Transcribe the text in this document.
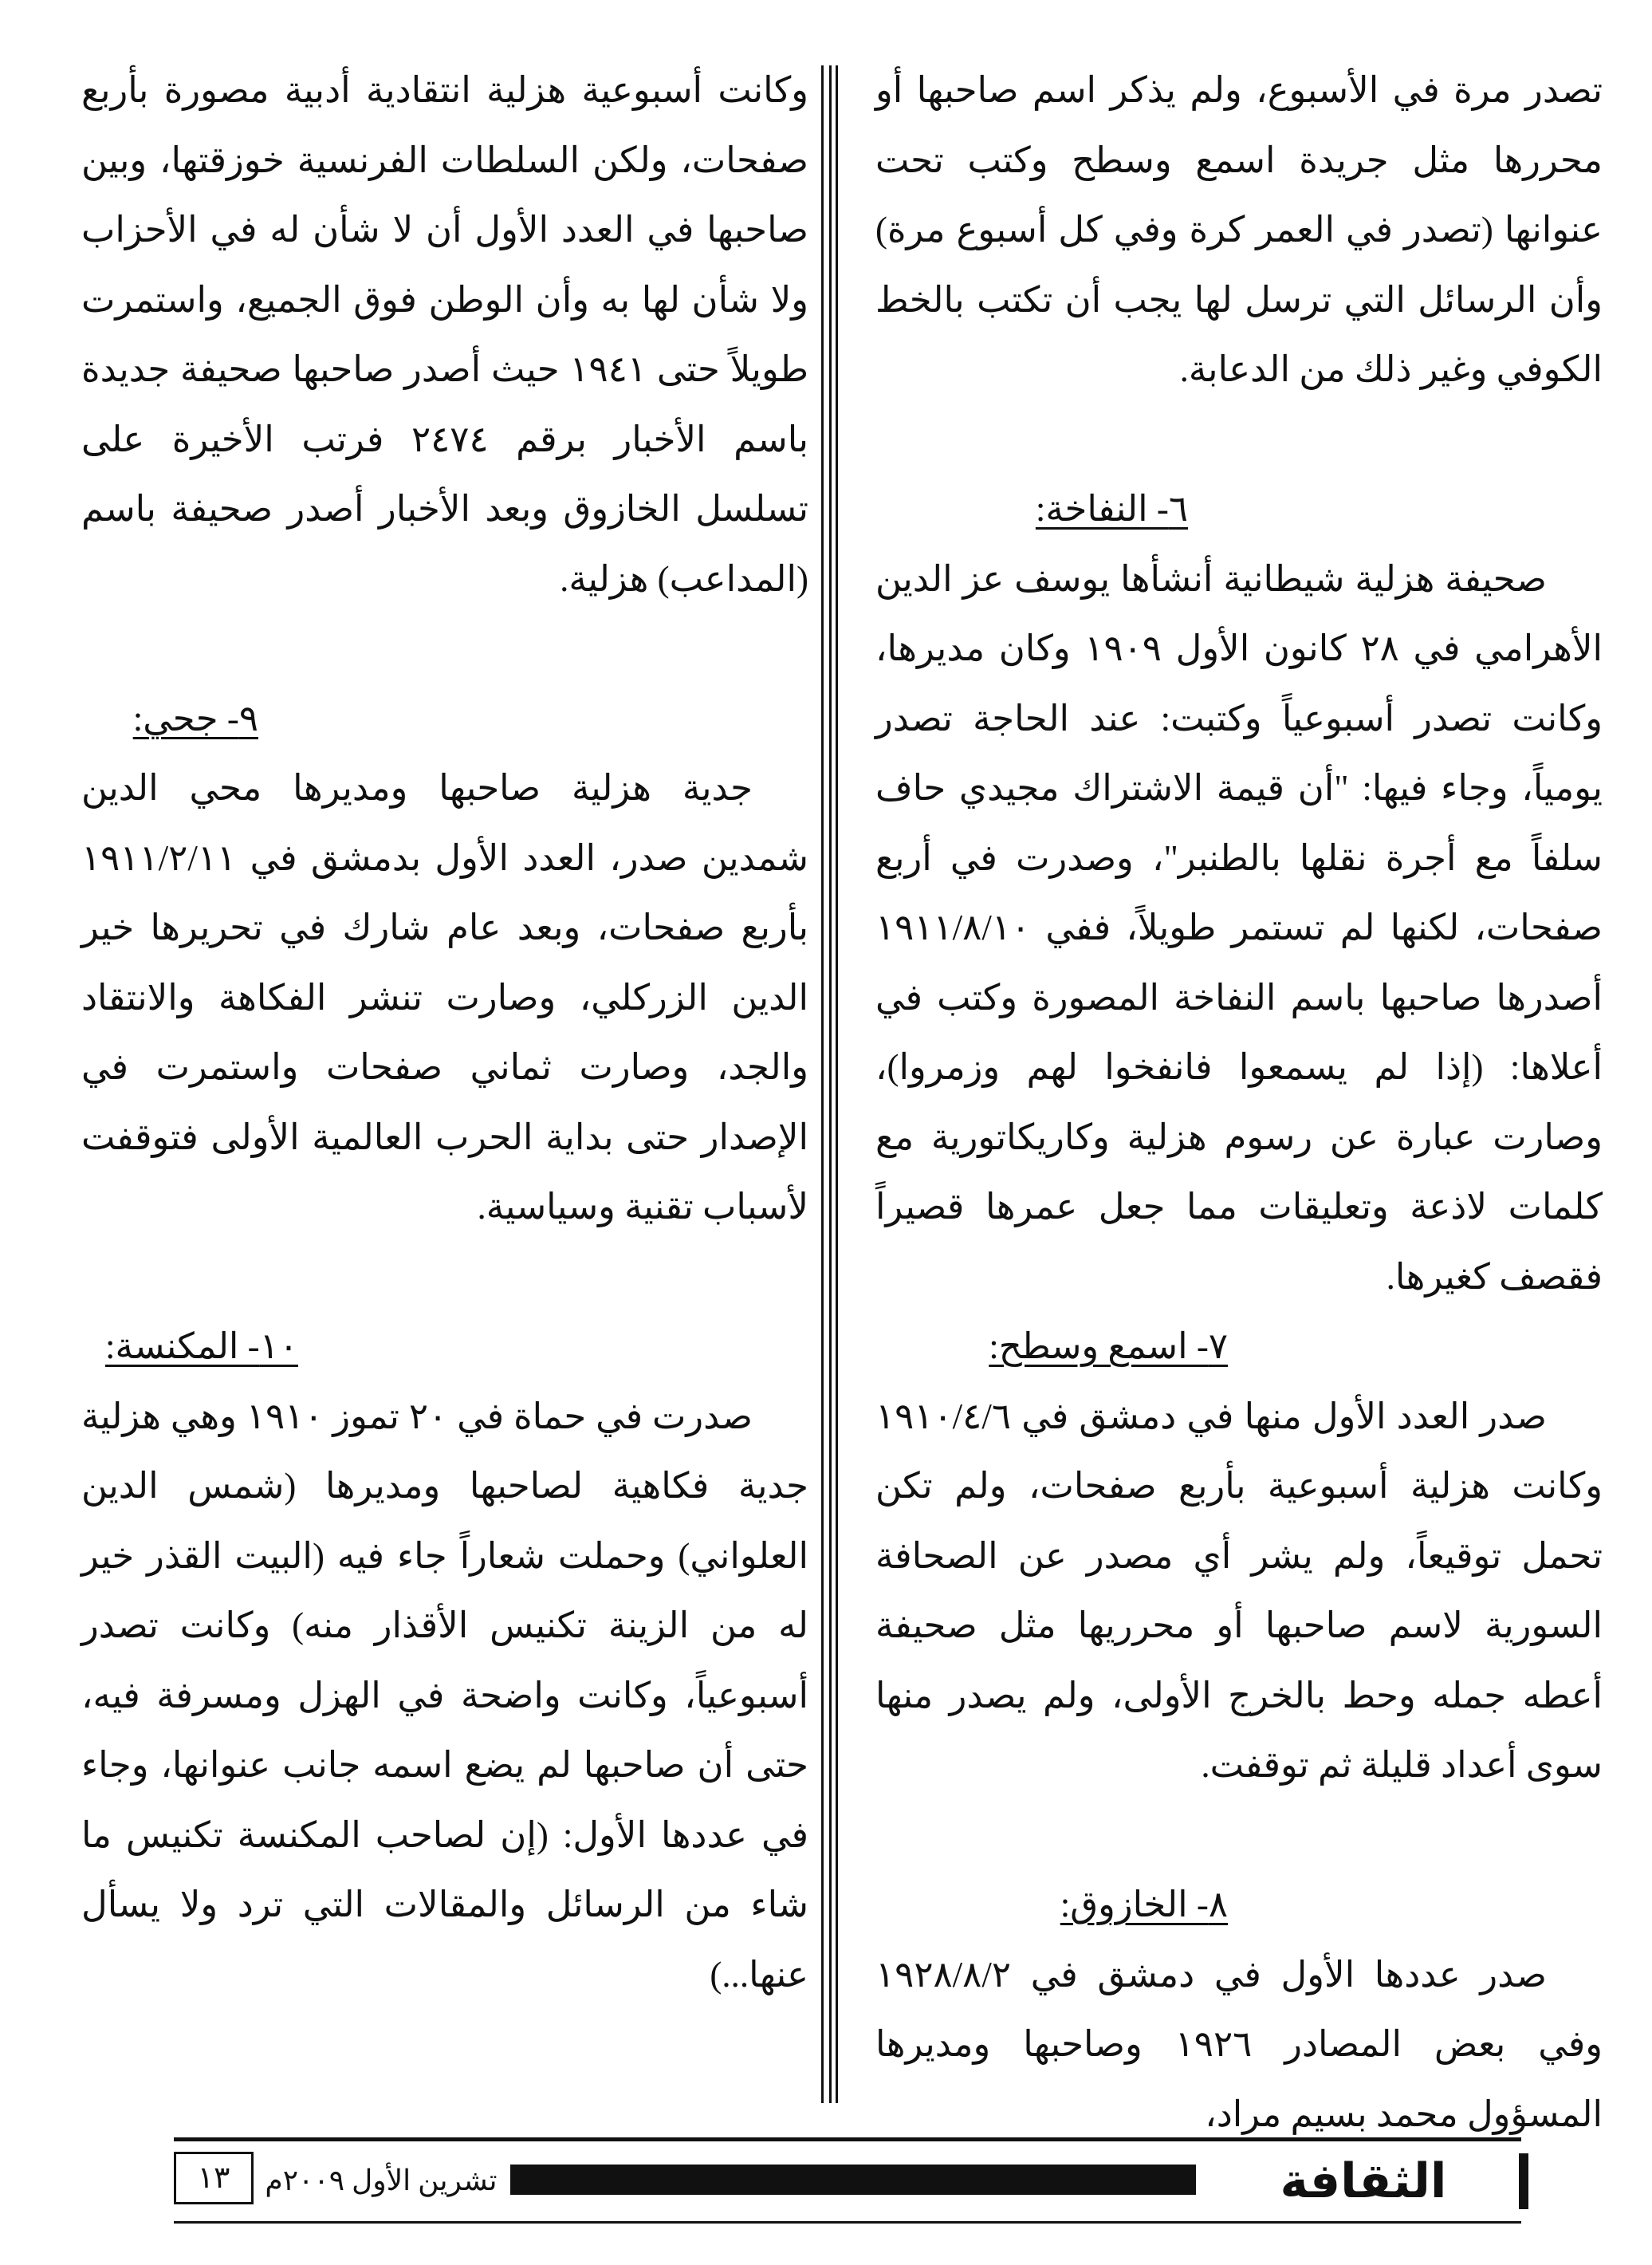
تصدر مرة في الأسبوع، ولم يذكر اسم صاحبها أو محررها مثل جريدة اسمع وسطح وكتب تحت عنوانها (تصدر في العمر كرة وفي كل أسبوع مرة) وأن الرسائل التي ترسل لها يجب أن تكتب بالخط الكوفي وغير ذلك من الدعابة.

٦- النفاخة:

صحيفة هزلية شيطانية أنشأها يوسف عز الدين الأهرامي في ٢٨ كانون الأول ١٩٠٩ وكان مديرها، وكانت تصدر أسبوعياً وكتبت: عند الحاجة تصدر يومياً، وجاء فيها: "أن قيمة الاشتراك مجيدي حاف سلفاً مع أجرة نقلها بالطنبر"، وصدرت في أربع صفحات، لكنها لم تستمر طويلاً، ففي ١٩١١/٨/١٠ أصدرها صاحبها باسم النفاخة المصورة وكتب في أعلاها: (إذا لم يسمعوا فانفخوا لهم وزمروا)، وصارت عبارة عن رسوم هزلية وكاريكاتورية مع كلمات لاذعة وتعليقات مما جعل عمرها قصيراً فقصف كغيرها.

٧- اسمع وسطح:

صدر العدد الأول منها في دمشق في ١٩١٠/٤/٦ وكانت هزلية أسبوعية بأربع صفحات، ولم تكن تحمل توقيعاً، ولم يشر أي مصدر عن الصحافة السورية لاسم صاحبها أو محرريها مثل صحيفة أعطه جمله وحط بالخرج الأولى، ولم يصدر منها سوى أعداد قليلة ثم توقفت.

٨- الخازوق:

صدر عددها الأول في دمشق في ١٩٢٨/٨/٢ وفي بعض المصادر ١٩٢٦ وصاحبها ومديرها المسؤول محمد بسيم مراد،

وكانت أسبوعية هزلية انتقادية أدبية مصورة بأربع صفحات، ولكن السلطات الفرنسية خوزقتها، وبين صاحبها في العدد الأول أن لا شأن له في الأحزاب ولا شأن لها به وأن الوطن فوق الجميع، واستمرت طويلاً حتى ١٩٤١ حيث أصدر صاحبها صحيفة جديدة باسم الأخبار برقم ٢٤٧٤ فرتب الأخيرة على تسلسل الخازوق وبعد الأخبار أصدر صحيفة باسم (المداعب) هزلية.

٩- جحي:

جدية هزلية صاحبها ومديرها محي الدين شمدين صدر، العدد الأول بدمشق في ١٩١١/٢/١١ بأربع صفحات، وبعد عام شارك في تحريرها خير الدين الزركلي، وصارت تنشر الفكاهة والانتقاد والجد، وصارت ثماني صفحات واستمرت في الإصدار حتى بداية الحرب العالمية الأولى فتوقفت لأسباب تقنية وسياسية.

١٠- المكنسة:

صدرت في حماة في ٢٠ تموز ١٩١٠ وهي هزلية جدية فكاهية لصاحبها ومديرها (شمس الدين العلواني) وحملت شعاراً جاء فيه (البيت القذر خير له من الزينة تكنيس الأقذار منه) وكانت تصدر أسبوعياً، وكانت واضحة في الهزل ومسرفة فيه، حتى أن صاحبها لم يضع اسمه جانب عنوانها، وجاء في عددها الأول: (إن لصاحب المكنسة تكنيس ما شاء من الرسائل والمقالات التي ترد ولا يسأل عنها...)

الثقافة
تشرين الأول ٢٠٠٩م
١٣
